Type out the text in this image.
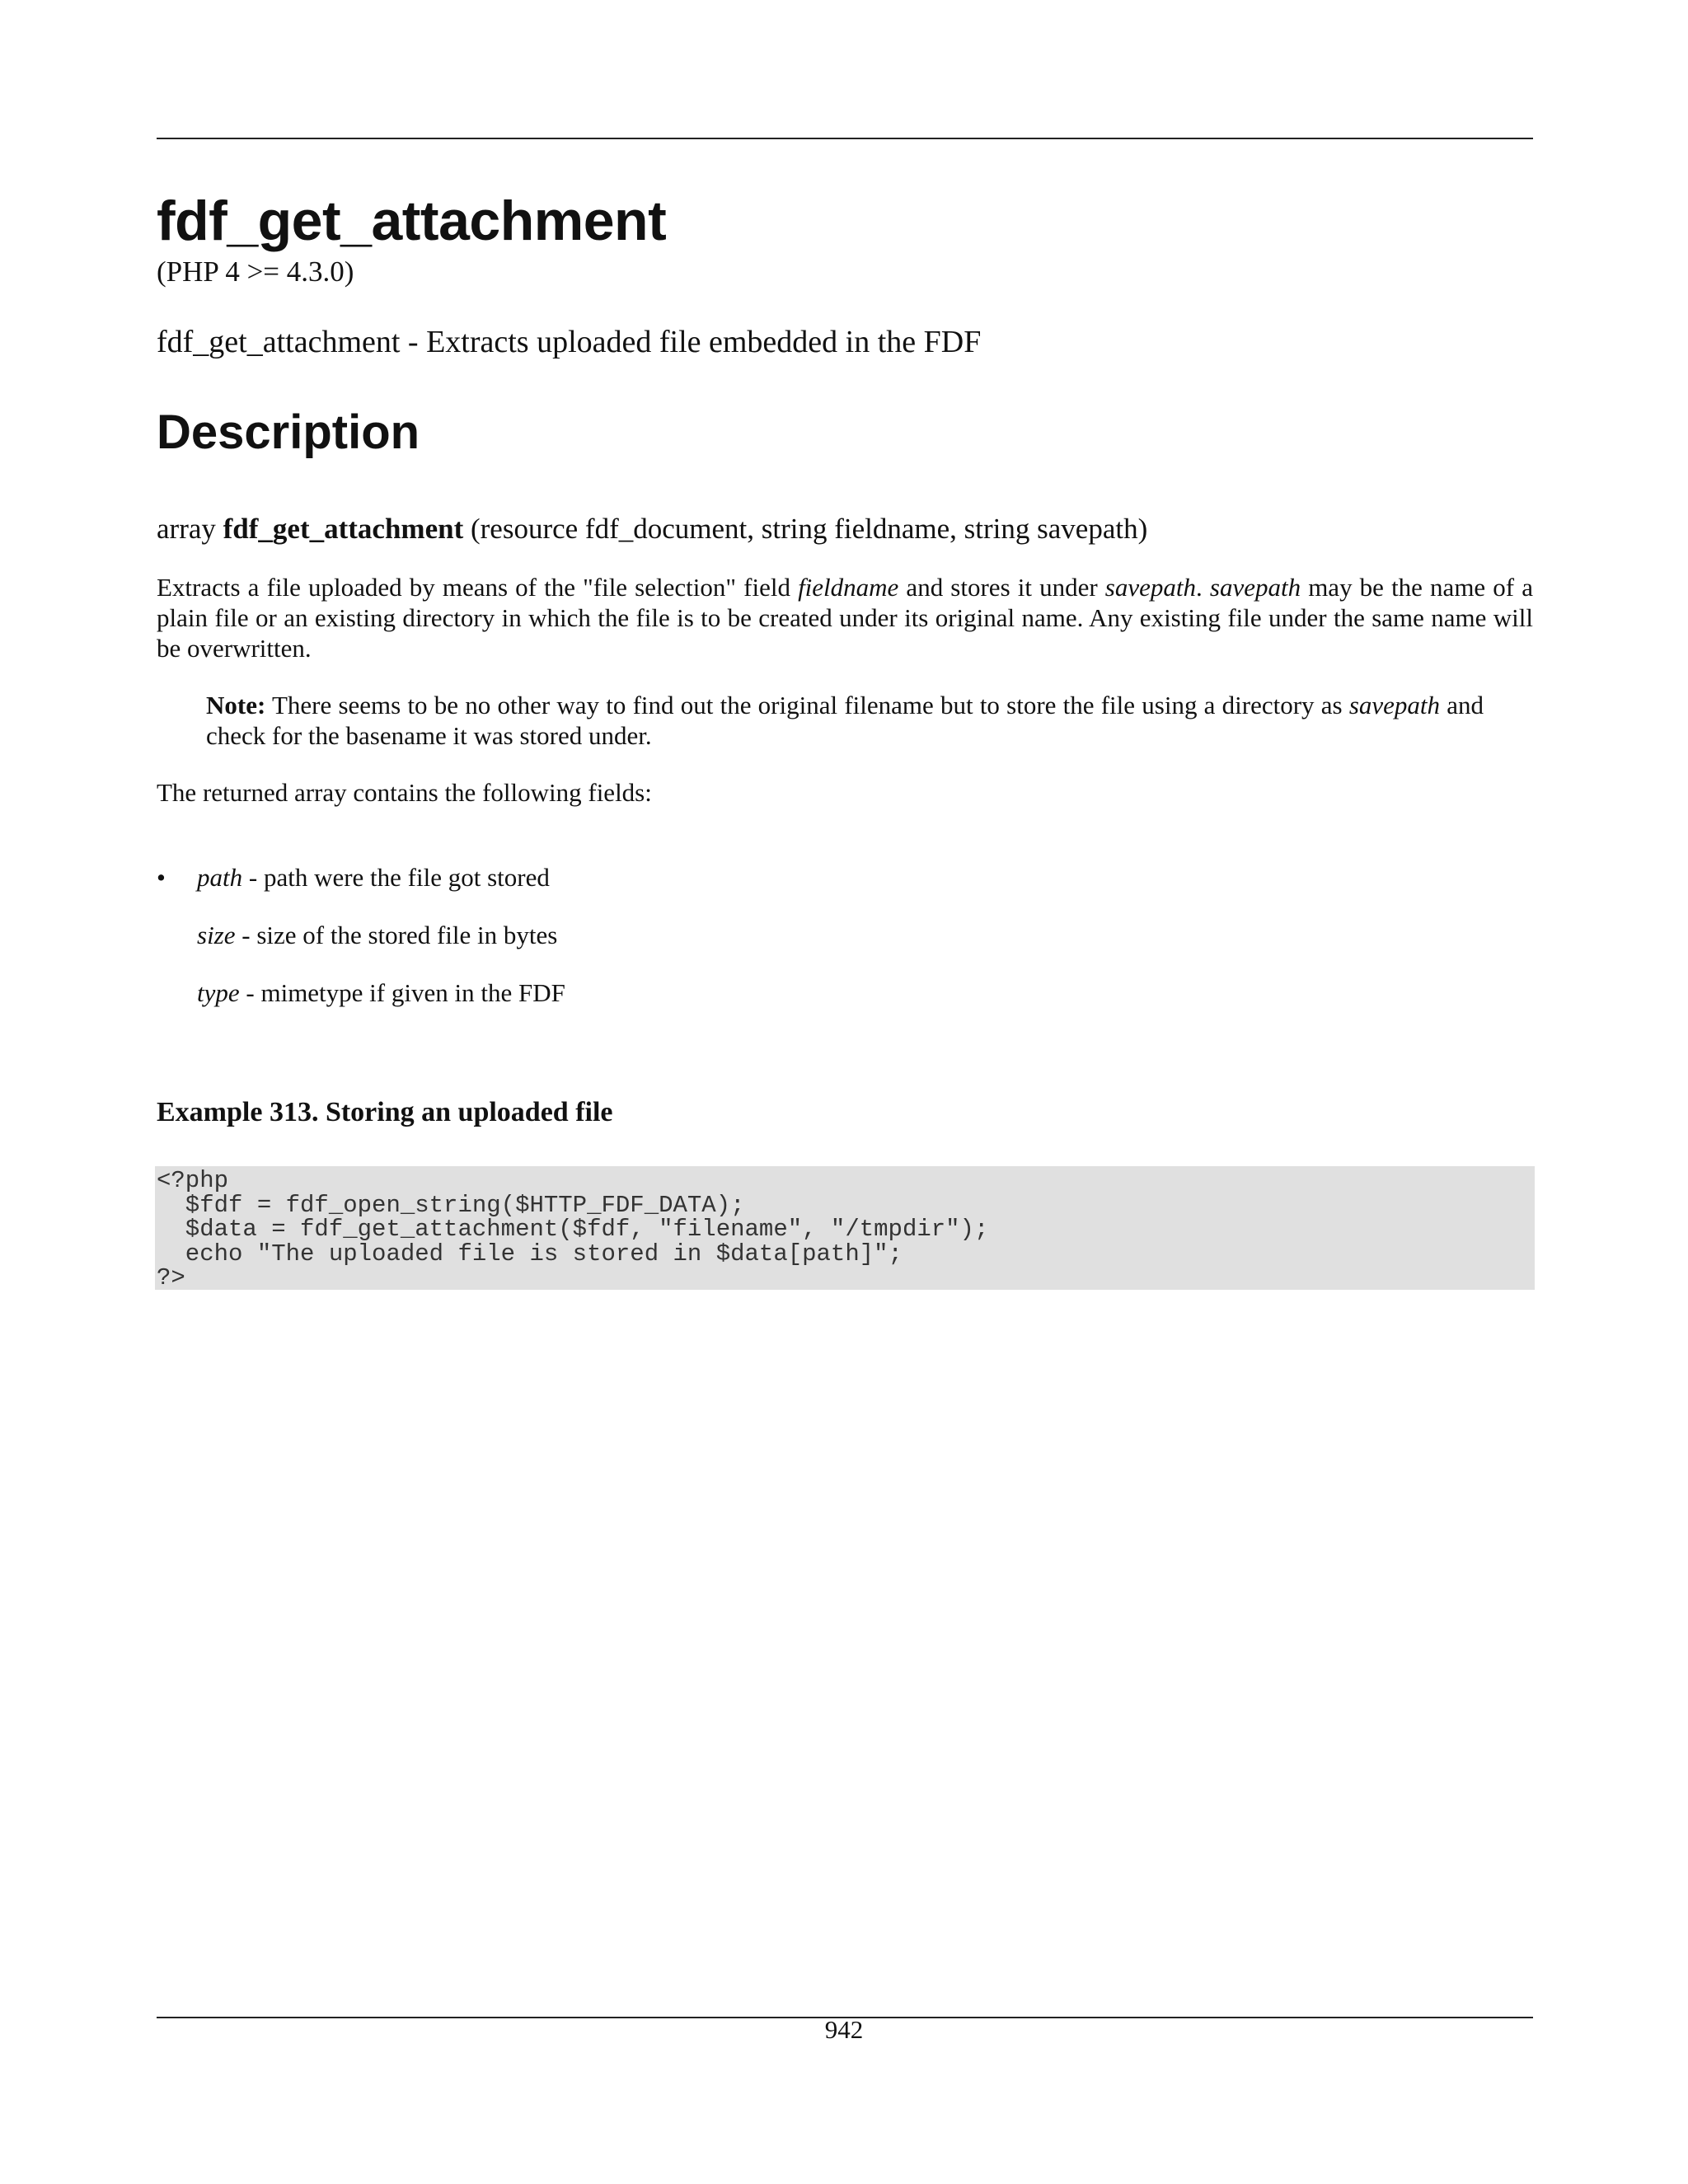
fdf_get_attachment
(PHP 4 >= 4.3.0)
fdf_get_attachment - Extracts uploaded file embedded in the FDF
Description
array fdf_get_attachment (resource fdf_document, string fieldname, string savepath)

Extracts a file uploaded by means of the "file selection" field fieldname and stores it under savepath. savepath may be the name of a plain file or an existing directory in which the file is to be created under its original name. Any existing file under the same name will be overwritten.

Note: There seems to be no other way to find out the original filename but to store the file using a directory as savepath and check for the basename it was stored under.

The returned array contains the following fields:

• path - path were the file got stored

size - size of the stored file in bytes

type - mimetype if given in the FDF

Example 313. Storing an uploaded file

<?php
$fdf = fdf_open_string($HTTP_FDF_DATA);
$data = fdf_get_attachment($fdf, "filename", "/tmpdir");
echo "The uploaded file is stored in $data[path]";
?>
942
